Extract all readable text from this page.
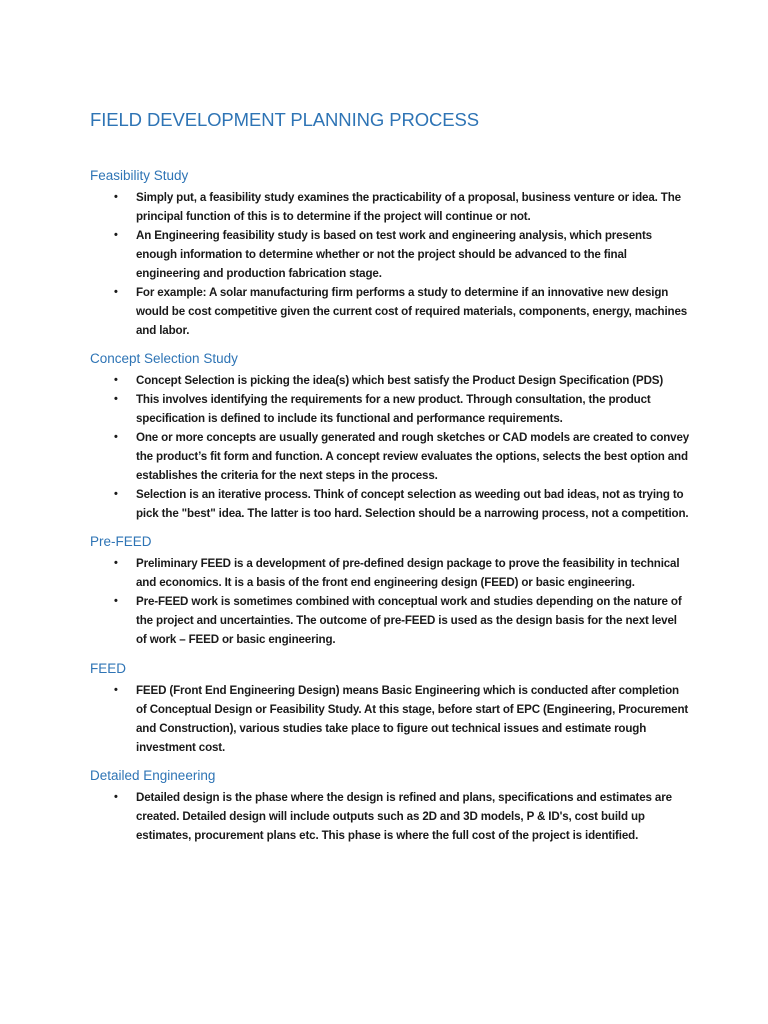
FIELD DEVELOPMENT PLANNING PROCESS
Feasibility Study
• Simply put, a feasibility study examines the practicability of a proposal, business venture or idea. The principal function of this is to determine if the project will continue or not.
• An Engineering feasibility study is based on test work and engineering analysis, which presents enough information to determine whether or not the project should be advanced to the final engineering and production fabrication stage.
• For example: A solar manufacturing firm performs a study to determine if an innovative new design would be cost competitive given the current cost of required materials, components, energy, machines and labor.
Concept Selection Study
• Concept Selection is picking the idea(s) which best satisfy the Product Design Specification (PDS)
• This involves identifying the requirements for a new product. Through consultation, the product specification is defined to include its functional and performance requirements.
• One or more concepts are usually generated and rough sketches or CAD models are created to convey the product’s fit form and function. A concept review evaluates the options, selects the best option and establishes the criteria for the next steps in the process.
• Selection is an iterative process. Think of concept selection as weeding out bad ideas, not as trying to pick the "best" idea. The latter is too hard. Selection should be a narrowing process, not a competition.
Pre-FEED
• Preliminary FEED is a development of pre-defined design package to prove the feasibility in technical and economics. It is a basis of the front end engineering design (FEED) or basic engineering.
• Pre-FEED work is sometimes combined with conceptual work and studies depending on the nature of the project and uncertainties. The outcome of pre-FEED is used as the design basis for the next level of work – FEED or basic engineering.
FEED
• FEED (Front End Engineering Design) means Basic Engineering which is conducted after completion of Conceptual Design or Feasibility Study. At this stage, before start of EPC (Engineering, Procurement and Construction), various studies take place to figure out technical issues and estimate rough investment cost.
Detailed Engineering
• Detailed design is the phase where the design is refined and plans, specifications and estimates are created. Detailed design will include outputs such as 2D and 3D models, P & ID's, cost build up estimates, procurement plans etc. This phase is where the full cost of the project is identified.
